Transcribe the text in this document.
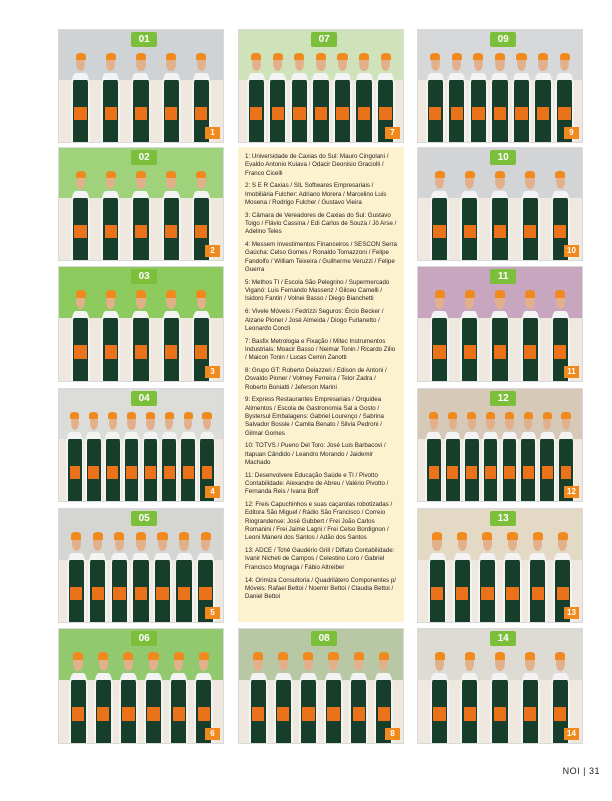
01
1
02
2
03
3
04
4
05
5
06
6
07
7

1: Universidade de Caxias do Sul: Mauro Cingolani / Evaldo Antonio Kuiava / Odacir Deonisio Graciolli / Franco Cicelli

2: S E R Caxias / SIL Softwares Empresariais / Imobiliária Fulcher: Adriano Morera / Marcelino Luis Mosena / Rodrigo Fulcher / Gustavo Vieira

3: Câmara de Vereadores de Caxias do Sul: Gustavo Toigo / Flávio Cassina / Edi Carlos de Souza / Jô Arse / Adelino Teles

4: Messem Investimentos Financeiros / SESCON Serra Gaúcha: Celso Gomes / Ronaldo Tomazzoni / Felipe Fandolfo / William Teixeira / Guilherme Veruzzi / Felipe Guerra

5: Methos TI / Escola São Pelegrino / Supermercado Viganó: Luis Fernando Massenz / Gilceu Camelli / Isidoro Fantin / Volnei Basso / Diego Bianchetti

6: Vivele Móveis / Fedrizzi Seguros: Ércio Becker / Alzane Pioner / José Almeida / Diogo Furlanetto / Leonardo Concli

7: Basfix Metrologia e Fixação / Mitec Instrumentos Industriais: Moacir Basso / Neimar Tonin / Ricardo Zilio / Maicon Tonin / Lucas Cemin Zanotti

8: Grupo GT: Roberto Delazzeri / Edison de Antoni / Osvaldo Pioner / Volmey Ferreira / Telor Zadra / Roberto Boniatti / Jeferson Marini

9: Express Restaurantes Empresariais / Orquidea Alimentos / Escola de Gastronomia Sal a Gosto / Bystersul Embalagens: Gabriel Lourenço / Sabrina Salvador Bossle / Camila Benato / Silvia Pedroni / Gilmar Gomes

10: TOTVS / Pueno Del Toro: José Luis Barbacovi / Itapuan Cândido / Leandro Morando / Jaidemir Machado

11: Desenvolvere Educação Saúde e TI / Pivotto Contabilidade: Alexandre de Abreu / Valério Pivotto / Fernanda Reis / Ivana Boff

12: Freis Capuchinhos e suas caçarolas robotizadas / Editora São Miguel / Rádio São Francisco / Correio Riograndense: José Gubbert / Frei João Carlos Romanini / Frei Jaime Lagni / Frei Celso Bordignon / Leoni Maneni dos Santos / Adão dos Santos

13: ADCE / Tchê Gaudério Grill / Diffato Contabilidade: Ivanir Nicheti de Campos / Celestino Loro / Gabriel Francisco Mognaga / Fábio Altreiber

14: Orimiza Consultoria / Quadrilátero Componentes p/ Móveis: Rafael Bettoi / Noemir Bettoi / Claudia Bettoi / Daniel Bettoi

08
8
09
9
10
10
11
11
12
12
13
13
14
14
NOI | 31
